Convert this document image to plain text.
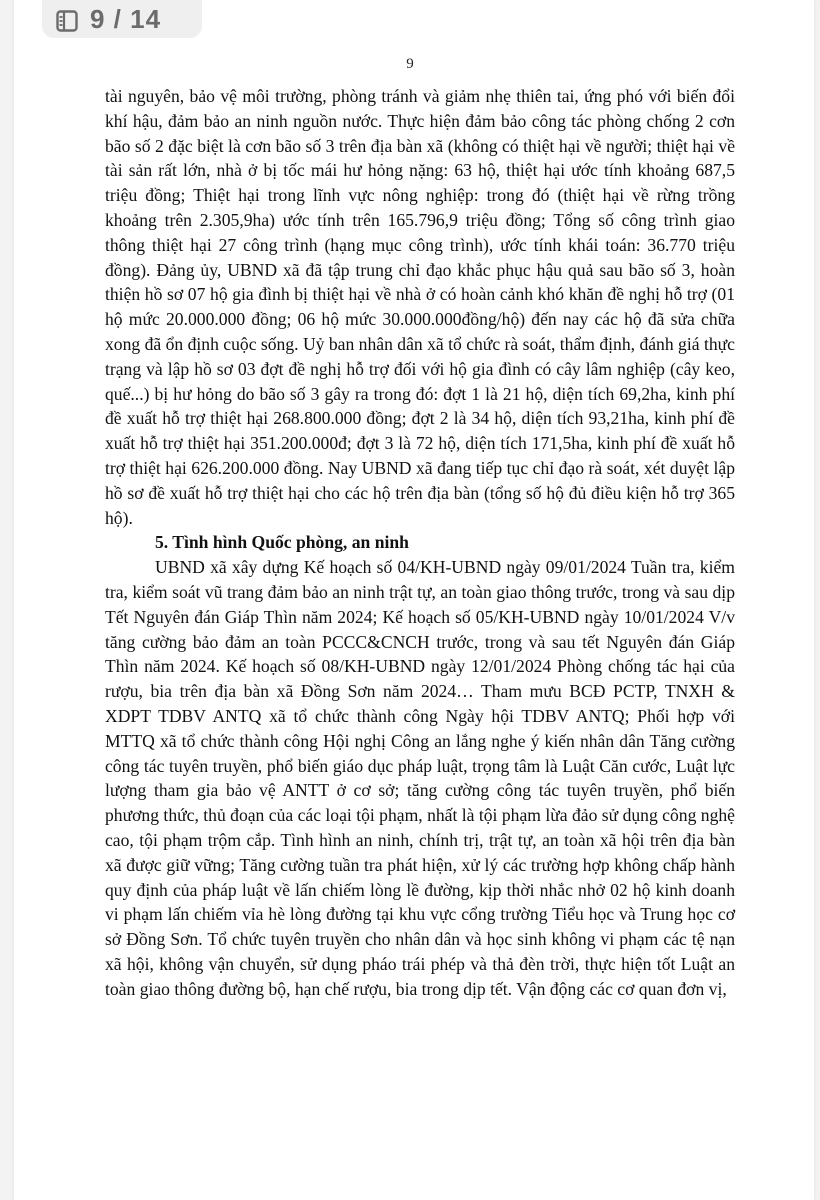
9 / 14
9

tài nguyên, bảo vệ môi trường, phòng tránh và giảm nhẹ thiên tai, ứng phó với biến đổi khí hậu, đảm bảo an ninh nguồn nước. Thực hiện đảm bảo công tác phòng chống 2 cơn bão số 2 đặc biệt là cơn bão số 3 trên địa bàn xã (không có thiệt hại về người; thiệt hại về tài sản rất lớn, nhà ở bị tốc mái hư hỏng nặng: 63 hộ, thiệt hại ước tính khoảng 687,5 triệu đồng; Thiệt hại trong lĩnh vực nông nghiệp: trong đó (thiệt hại về rừng trồng khoảng trên 2.305,9ha) ước tính trên 165.796,9 triệu đồng; Tổng số công trình giao thông thiệt hại 27 công trình (hạng mục công trình), ước tính khái toán: 36.770 triệu đồng). Đảng ủy, UBND xã đã tập trung chỉ đạo khắc phục hậu quả sau bão số 3, hoàn thiện hồ sơ 07 hộ gia đình bị thiệt hại về nhà ở có hoàn cảnh khó khăn đề nghị hỗ trợ (01 hộ mức 20.000.000 đồng; 06 hộ mức 30.000.000đồng/hộ) đến nay các hộ đã sửa chữa xong đã ổn định cuộc sống. Uỷ ban nhân dân xã tổ chức rà soát, thẩm định, đánh giá thực trạng và lập hồ sơ 03 đợt đề nghị hỗ trợ đối với hộ gia đình có cây lâm nghiệp (cây keo, quế...) bị hư hỏng do bão số 3 gây ra trong đó: đợt 1 là 21 hộ, diện tích 69,2ha, kinh phí đề xuất hỗ trợ thiệt hại 268.800.000 đồng; đợt 2 là 34 hộ, diện tích 93,21ha, kinh phí đề xuất hỗ trợ thiệt hại 351.200.000đ; đợt 3 là 72 hộ, diện tích 171,5ha, kinh phí đề xuất hỗ trợ thiệt hại 626.200.000 đồng. Nay UBND xã đang tiếp tục chỉ đạo rà soát, xét duyệt lập hồ sơ đề xuất hỗ trợ thiệt hại cho các hộ trên địa bàn (tổng số hộ đủ điều kiện hỗ trợ 365 hộ).

5. Tình hình Quốc phòng, an ninh

UBND xã xây dựng Kế hoạch số 04/KH-UBND ngày 09/01/2024 Tuần tra, kiểm tra, kiểm soát vũ trang đảm bảo an ninh trật tự, an toàn giao thông trước, trong và sau dịp Tết Nguyên đán Giáp Thìn năm 2024; Kế hoạch số 05/KH-UBND ngày 10/01/2024 V/v tăng cường bảo đảm an toàn PCCC&CNCH trước, trong và sau tết Nguyên đán Giáp Thìn năm 2024. Kế hoạch số 08/KH-UBND ngày 12/01/2024 Phòng chống tác hại của rượu, bia trên địa bàn xã Đồng Sơn năm 2024… Tham mưu BCĐ PCTP, TNXH & XDPT TDBV ANTQ xã tổ chức thành công Ngày hội TDBV ANTQ; Phối hợp với MTTQ xã tổ chức thành công Hội nghị Công an lắng nghe ý kiến nhân dân Tăng cường công tác tuyên truyền, phổ biến giáo dục pháp luật, trọng tâm là Luật Căn cước, Luật lực lượng tham gia bảo vệ ANTT ở cơ sở; tăng cường công tác tuyên truyền, phổ biến phương thức, thủ đoạn của các loại tội phạm, nhất là tội phạm lừa đảo sử dụng công nghệ cao, tội phạm trộm cắp. Tình hình an ninh, chính trị, trật tự, an toàn xã hội trên địa bàn xã được giữ vững; Tăng cường tuần tra phát hiện, xử lý các trường hợp không chấp hành quy định của pháp luật về lấn chiếm lòng lề đường, kịp thời nhắc nhở 02 hộ kinh doanh vi phạm lấn chiếm vỉa hè lòng đường tại khu vực cổng trường Tiểu học và Trung học cơ sở Đồng Sơn. Tổ chức tuyên truyền cho nhân dân và học sinh không vi phạm các tệ nạn xã hội, không vận chuyển, sử dụng pháo trái phép và thả đèn trời, thực hiện tốt Luật an toàn giao thông đường bộ, hạn chế rượu, bia trong dịp tết. Vận động các cơ quan đơn vị,
